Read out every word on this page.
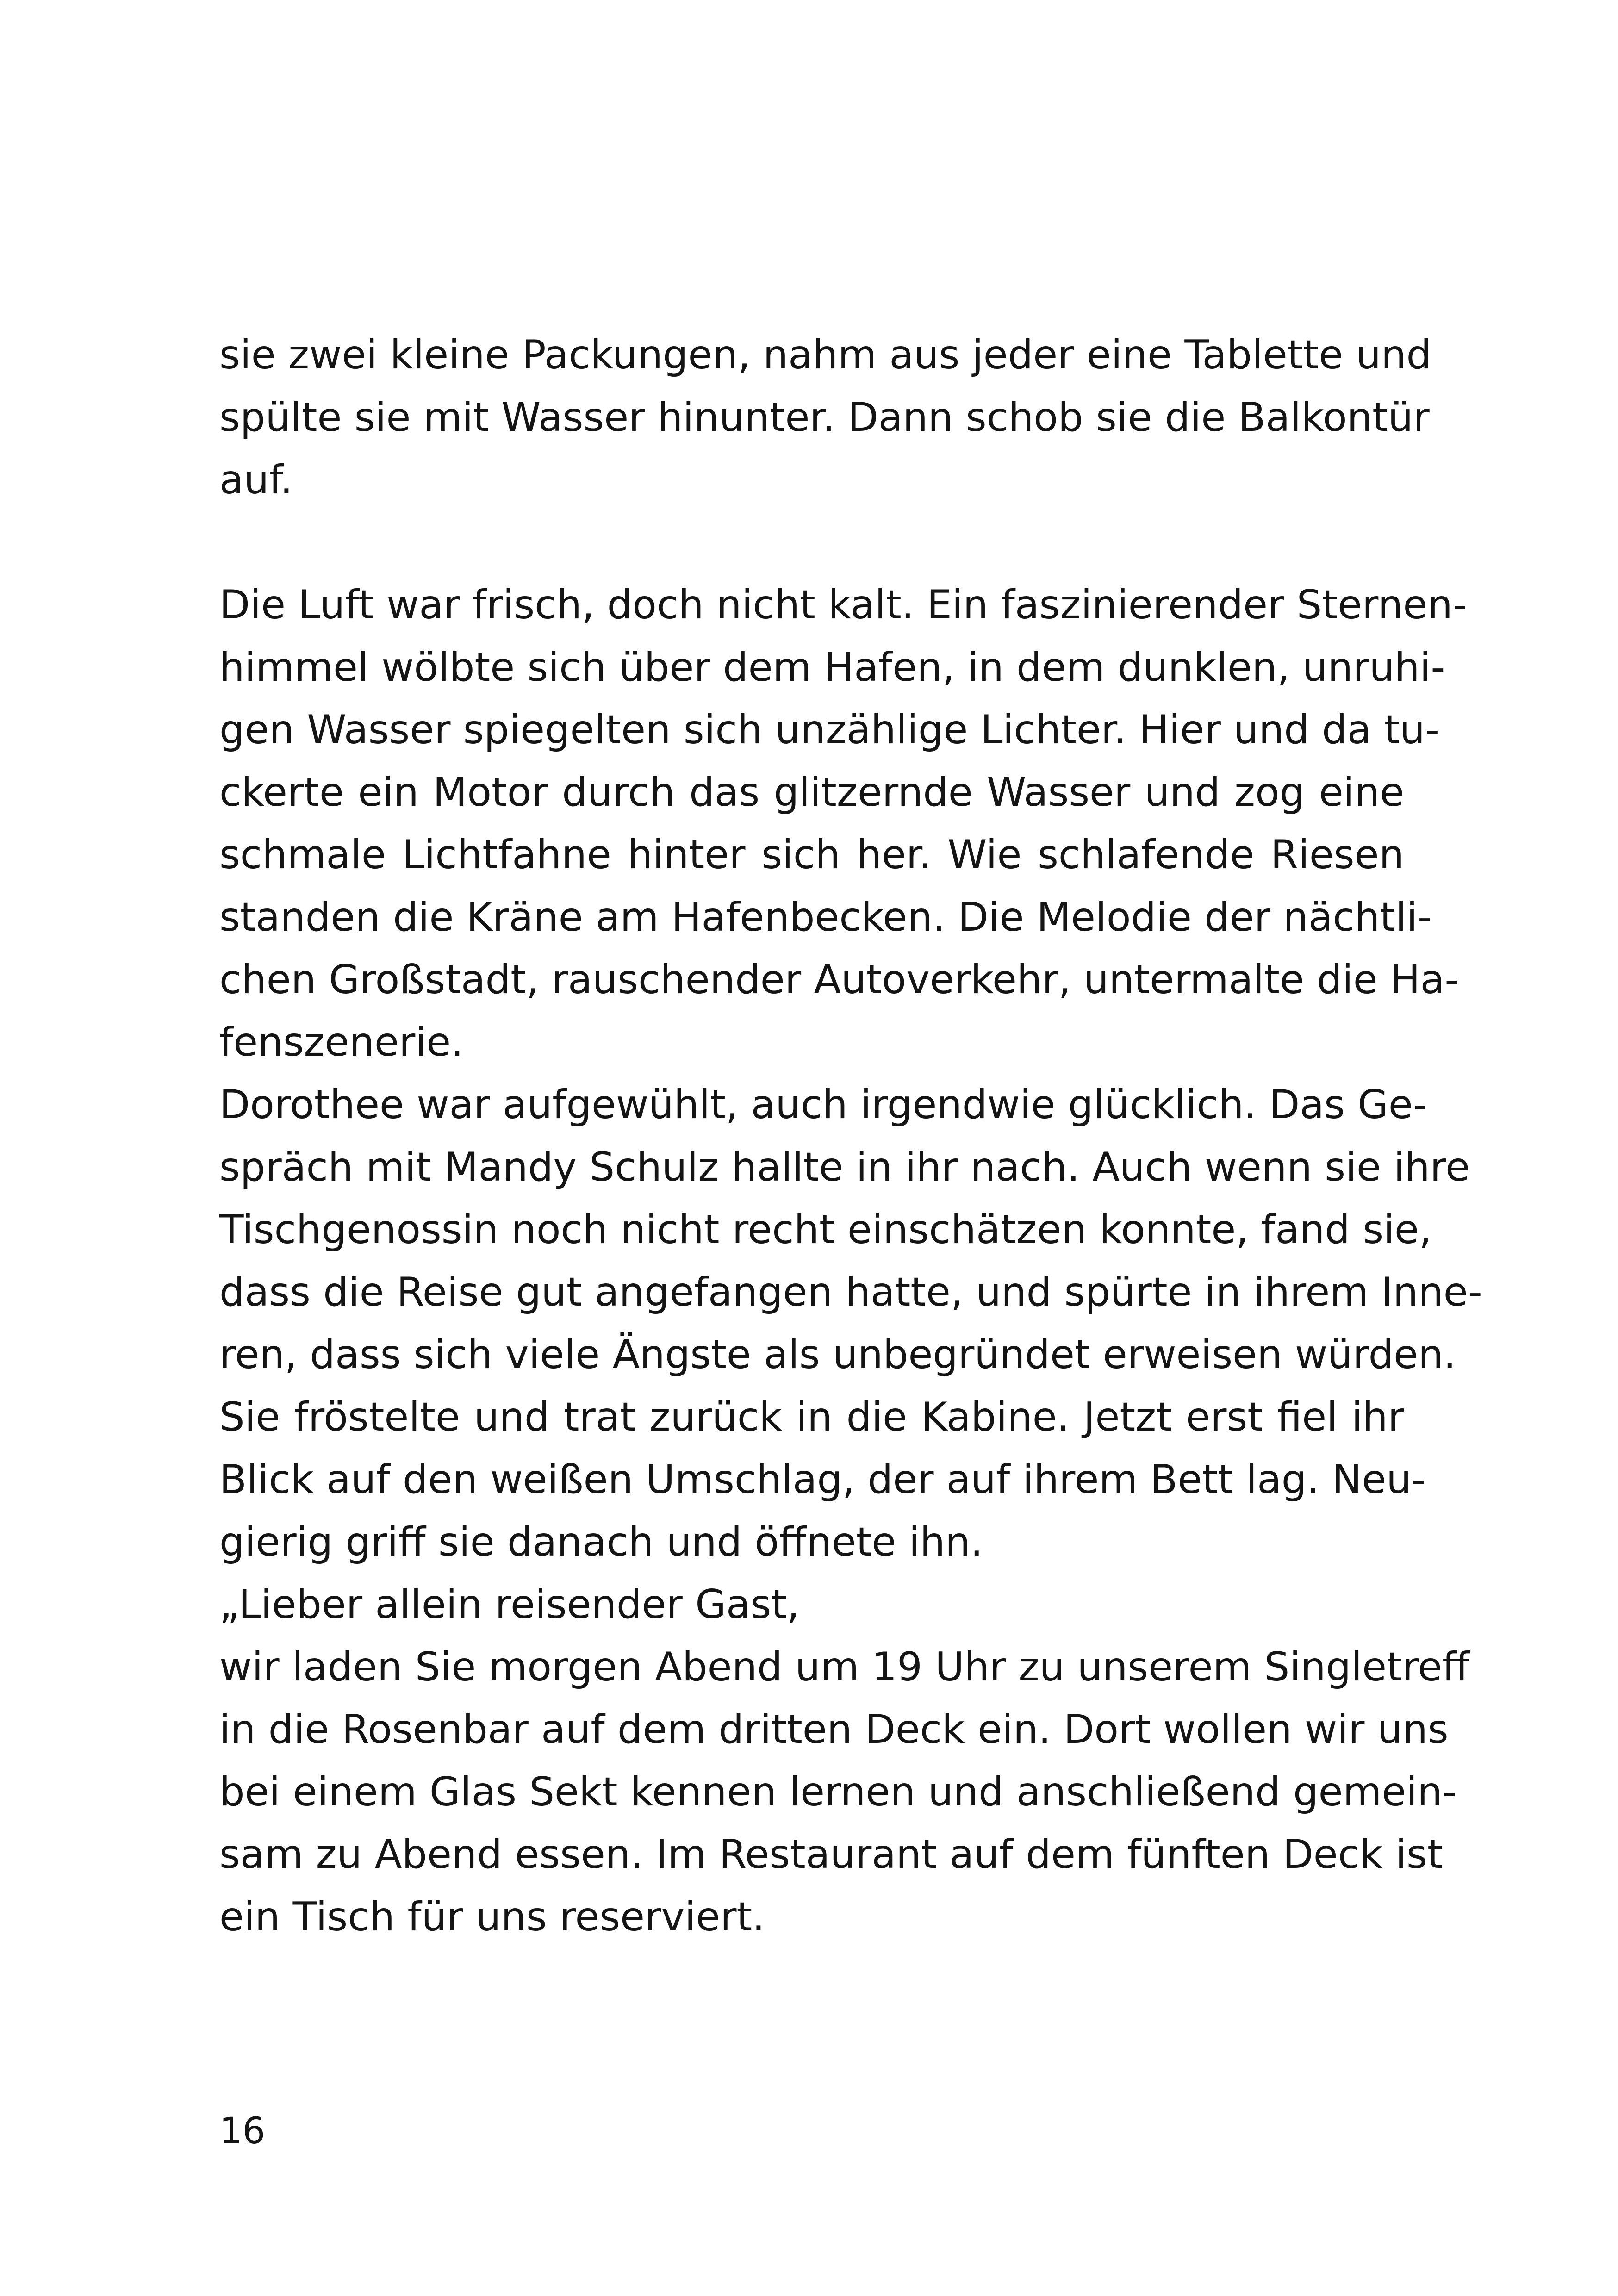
sie zwei kleine Packungen, nahm aus jeder eine Tablette und
spülte sie mit Wasser hinunter. Dann schob sie die Balkontür
auf.
Die Luft war frisch, doch nicht kalt. Ein faszinierender Sternen-
himmel wölbte sich über dem Hafen, in dem dunklen, unruhi-
gen Wasser spiegelten sich unzählige Lichter. Hier und da tu-
ckerte ein Motor durch das glitzernde Wasser und zog eine
schmale Lichtfahne hinter sich her. Wie schlafende Riesen
standen die Kräne am Hafenbecken. Die Melodie der nächtli-
chen Großstadt, rauschender Autoverkehr, untermalte die Ha-
fenszenerie.
Dorothee war aufgewühlt, auch irgendwie glücklich. Das Ge-
spräch mit Mandy Schulz hallte in ihr nach. Auch wenn sie ihre
Tischgenossin noch nicht recht einschätzen konnte, fand sie,
dass die Reise gut angefangen hatte, und spürte in ihrem Inne-
ren, dass sich viele Ängste als unbegründet erweisen würden.
Sie fröstelte und trat zurück in die Kabine. Jetzt erst fiel ihr
Blick auf den weißen Umschlag, der auf ihrem Bett lag. Neu-
gierig griff sie danach und öffnete ihn.
„Lieber allein reisender Gast,
wir laden Sie morgen Abend um 19 Uhr zu unserem Singletreff
in die Rosenbar auf dem dritten Deck ein. Dort wollen wir uns
bei einem Glas Sekt kennen lernen und anschließend gemein-
sam zu Abend essen. Im Restaurant auf dem fünften Deck ist
ein Tisch für uns reserviert.
16
